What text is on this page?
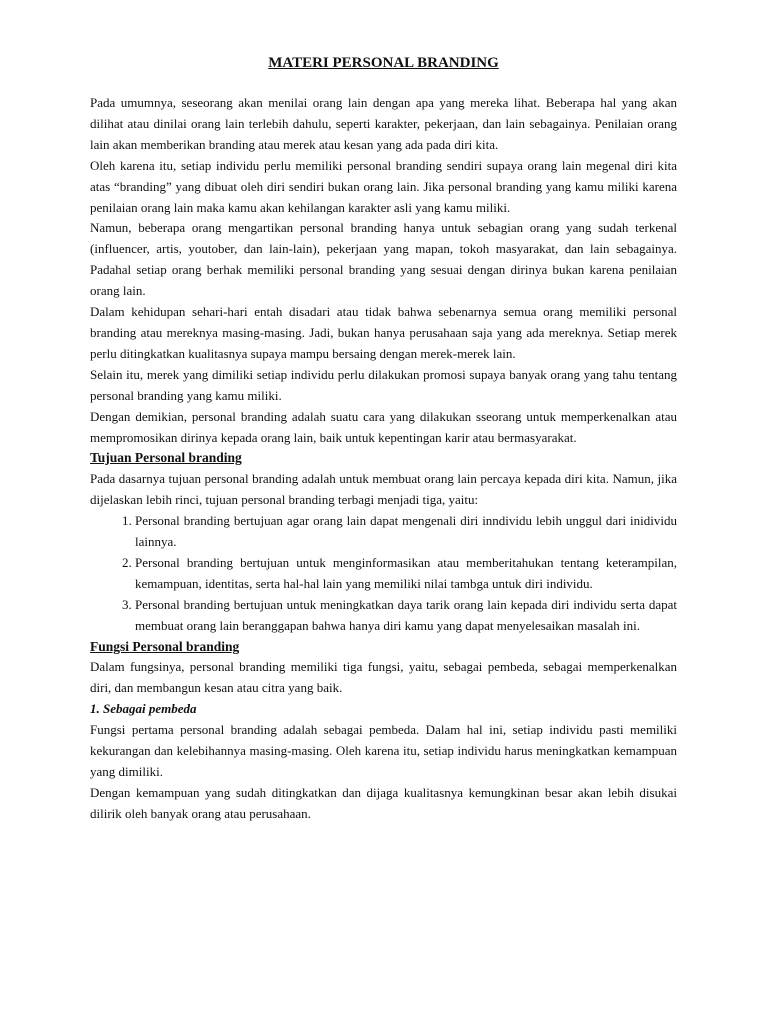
MATERI PERSONAL BRANDING

Pada umumnya, seseorang akan menilai orang lain dengan apa yang mereka lihat. Beberapa hal yang akan dilihat atau dinilai orang lain terlebih dahulu, seperti karakter, pekerjaan, dan lain sebagainya. Penilaian orang lain akan memberikan branding atau merek atau kesan yang ada pada diri kita.

Oleh karena itu, setiap individu perlu memiliki personal branding sendiri supaya orang lain megenal diri kita atas “branding” yang dibuat oleh diri sendiri bukan orang lain. Jika personal branding yang kamu miliki karena penilaian orang lain maka kamu akan kehilangan karakter asli yang kamu miliki.

Namun, beberapa orang mengartikan personal branding hanya untuk sebagian orang yang sudah terkenal (influencer, artis, youtober, dan lain-lain), pekerjaan yang mapan, tokoh masyarakat, dan lain sebagainya. Padahal setiap orang berhak memiliki personal branding yang sesuai dengan dirinya bukan karena penilaian orang lain.

Dalam kehidupan sehari-hari entah disadari atau tidak bahwa sebenarnya semua orang memiliki personal branding atau mereknya masing-masing. Jadi, bukan hanya perusahaan saja yang ada mereknya. Setiap merek perlu ditingkatkan kualitasnya supaya mampu bersaing dengan merek-merek lain.

Selain itu, merek yang dimiliki setiap individu perlu dilakukan promosi supaya banyak orang yang tahu tentang personal branding yang kamu miliki.

Dengan demikian, personal branding adalah suatu cara yang dilakukan sseorang untuk memperkenalkan atau mempromosikan dirinya kepada orang lain, baik untuk kepentingan karir atau bermasyarakat.

Tujuan Personal branding

Pada dasarnya tujuan personal branding adalah untuk membuat orang lain percaya kepada diri kita. Namun, jika dijelaskan lebih rinci, tujuan personal branding terbagi menjadi tiga, yaitu:

1. Personal branding bertujuan agar orang lain dapat mengenali diri inndividu lebih unggul dari inidividu lainnya.
2. Personal branding bertujuan untuk menginformasikan atau memberitahukan tentang keterampilan, kemampuan, identitas, serta hal-hal lain yang memiliki nilai tambga untuk diri individu.
3. Personal branding bertujuan untuk meningkatkan daya tarik orang lain kepada diri individu serta dapat membuat orang lain beranggapan bahwa hanya diri kamu yang dapat menyelesaikan masalah ini.
Fungsi Personal branding

Dalam fungsinya, personal branding memiliki tiga fungsi, yaitu, sebagai pembeda, sebagai memperkenalkan diri, dan membangun kesan atau citra yang baik.

1. Sebagai pembeda

Fungsi pertama personal branding adalah sebagai pembeda. Dalam hal ini, setiap individu pasti memiliki kekurangan dan kelebihannya masing-masing. Oleh karena itu, setiap individu harus meningkatkan kemampuan yang dimiliki.

Dengan kemampuan yang sudah ditingkatkan dan dijaga kualitasnya kemungkinan besar akan lebih disukai dilirik oleh banyak orang atau perusahaan.
